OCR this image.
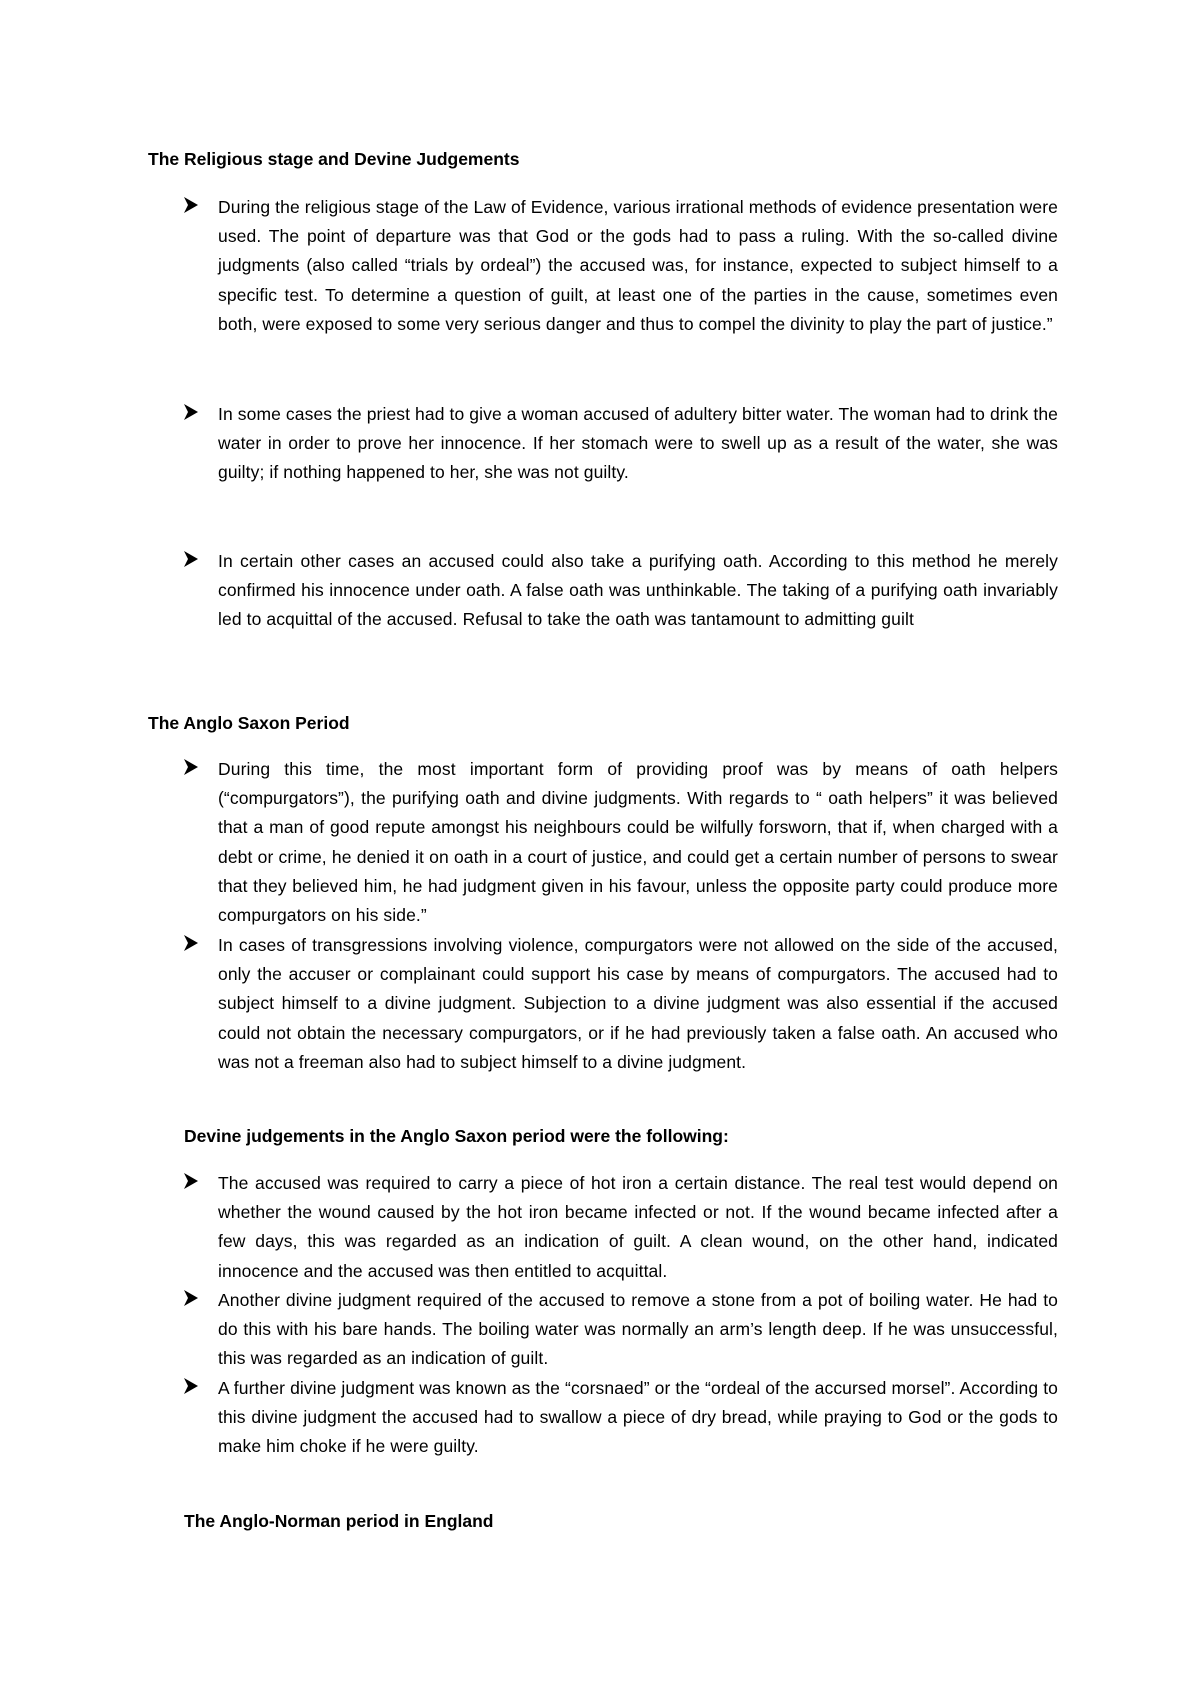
The Religious stage and Devine Judgements
During the religious stage of the Law of Evidence, various irrational methods of evidence presentation were used. The point of departure was that God or the gods had to pass a ruling. With the so-called divine judgments (also called “trials by ordeal”) the accused was, for instance, expected to subject himself to a specific test. To determine a question of guilt, at least one of the parties in the cause, sometimes even both, were exposed to some very serious danger and thus to compel the divinity to play the part of justice.”
In some cases the priest had to give a woman accused of adultery bitter water. The woman had to drink the water in order to prove her innocence. If her stomach were to swell up as a result of the water, she was guilty; if nothing happened to her, she was not guilty.
In certain other cases an accused could also take a purifying oath. According to this method he merely confirmed his innocence under oath. A false oath was unthinkable. The taking of a purifying oath invariably led to acquittal of the accused. Refusal to take the oath was tantamount to admitting guilt
The Anglo Saxon Period
During this time, the most important form of providing proof was by means of oath helpers (“compurgators”), the purifying oath and divine judgments. With regards to “ oath helpers” it was believed that a man of good repute amongst his neighbours could be wilfully forsworn, that if, when charged with a debt or crime, he denied it on oath in a court of justice, and could get a certain number of persons to swear that they believed him, he had judgment given in his favour, unless the opposite party could produce more compurgators on his side.”
In cases of transgressions involving violence, compurgators were not allowed on the side of the accused, only the accuser or complainant could support his case by means of compurgators. The accused had to subject himself to a divine judgment. Subjection to a divine judgment was also essential if the accused could not obtain the necessary compurgators, or if he had previously taken a false oath. An accused who was not a freeman also had to subject himself to a divine judgment.
Devine judgements in the Anglo Saxon period were the following:
The accused was required to carry a piece of hot iron a certain distance. The real test would depend on whether the wound caused by the hot iron became infected or not. If the wound became infected after a few days, this was regarded as an indication of guilt. A clean wound, on the other hand, indicated innocence and the accused was then entitled to acquittal.
Another divine judgment required of the accused to remove a stone from a pot of boiling water. He had to do this with his bare hands. The boiling water was normally an arm’s length deep. If he was unsuccessful, this was regarded as an indication of guilt.
A further divine judgment was known as the “corsnaed” or the “ordeal of the accursed morsel”. According to this divine judgment the accused had to swallow a piece of dry bread, while praying to God or the gods to make him choke if he were guilty.
The Anglo-Norman period in England
